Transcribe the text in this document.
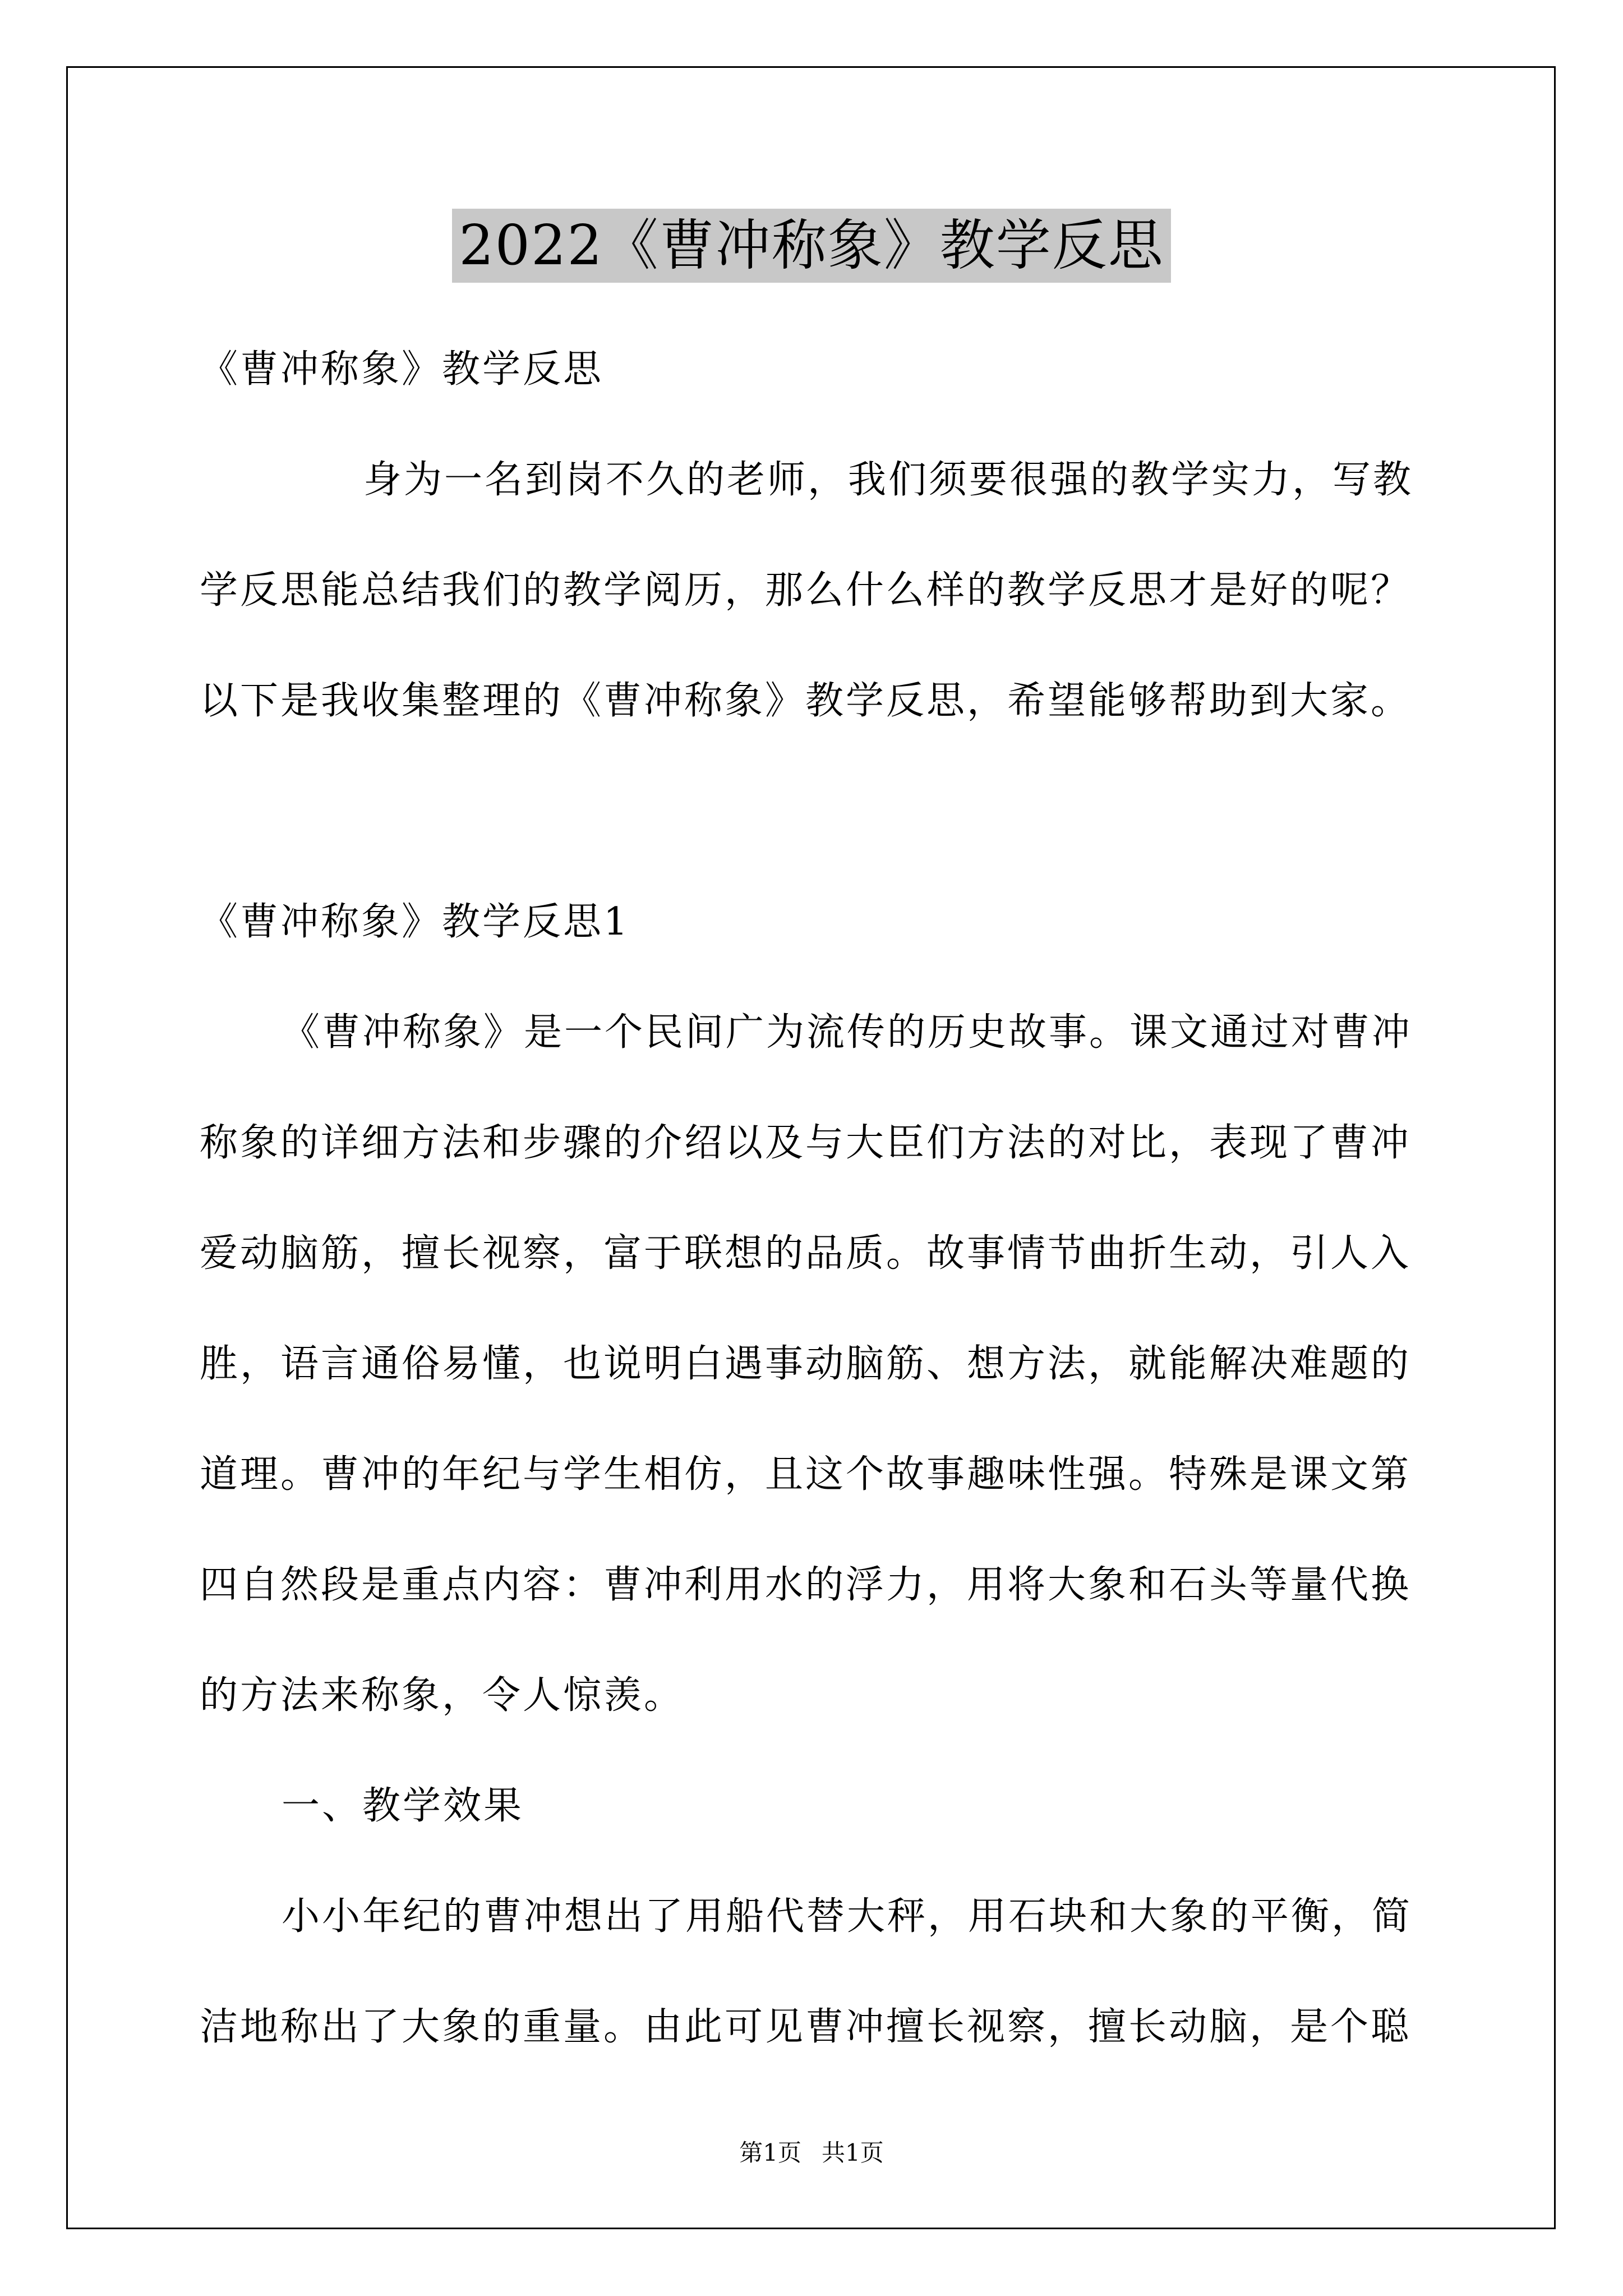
2022《曹冲称象》教学反思
《曹冲称象》教学反思
身为一名到岗不久的老师，我们须要很强的教学实力，写教
学反思能总结我们的教学阅历，那么什么样的教学反思才是好的呢？
以下是我收集整理的《曹冲称象》教学反思，希望能够帮助到大家。
《曹冲称象》教学反思1
《曹冲称象》是一个民间广为流传的历史故事。课文通过对曹冲
称象的详细方法和步骤的介绍以及与大臣们方法的对比，表现了曹冲
爱动脑筋，擅长视察，富于联想的品质。故事情节曲折生动，引人入
胜，语言通俗易懂，也说明白遇事动脑筋、想方法，就能解决难题的
道理。曹冲的年纪与学生相仿，且这个故事趣味性强。特殊是课文第
四自然段是重点内容：曹冲利用水的浮力，用将大象和石头等量代换
的方法来称象，令人惊羡。
一、教学效果
小小年纪的曹冲想出了用船代替大秤，用石块和大象的平衡，简
洁地称出了大象的重量。由此可见曹冲擅长视察，擅长动脑，是个聪
第1页 共1页
